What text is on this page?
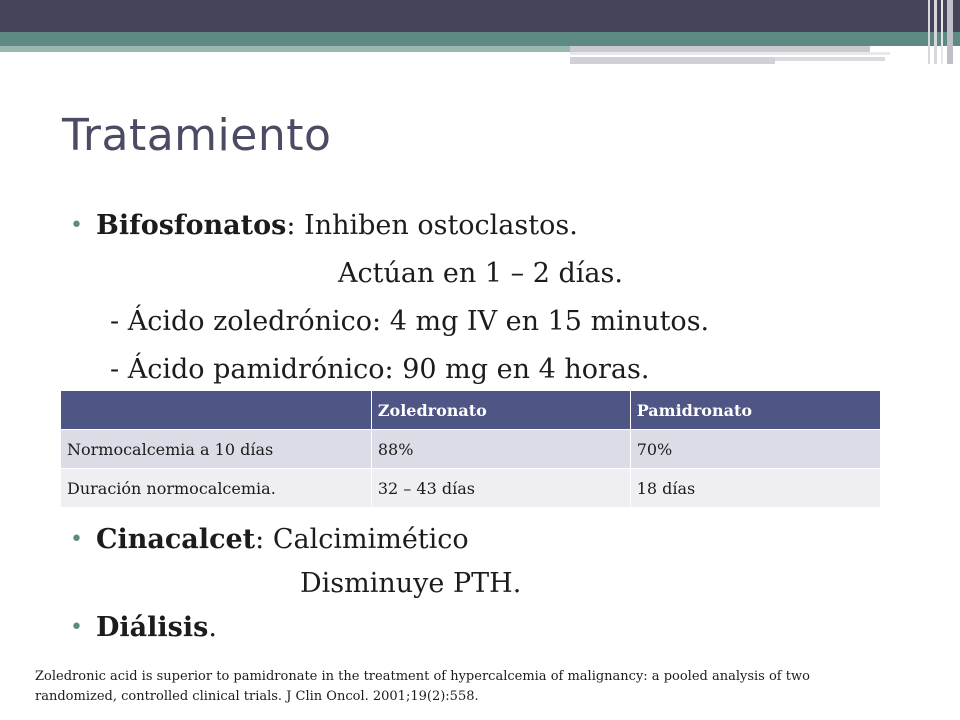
Tratamiento
• Bifosfonatos: Inhiben ostoclastos.
Actúan en 1 – 2 días.
- Ácido zoledrónico: 4 mg IV en 15 minutos.
- Ácido pamidrónico: 90 mg en 4 horas.
	Zoledronato	Pamidronato
Normocalcemia a 10 días	88%	70%
Duración normocalcemia.	32 – 43 días	18 días
• Cinacalcet: Calcimimético
Disminuye PTH.
• Diálisis.
Zoledronic acid is superior to pamidronate in the treatment of hypercalcemia of malignancy: a pooled analysis of two
randomized, controlled clinical trials. J Clin Oncol. 2001;19(2):558.
